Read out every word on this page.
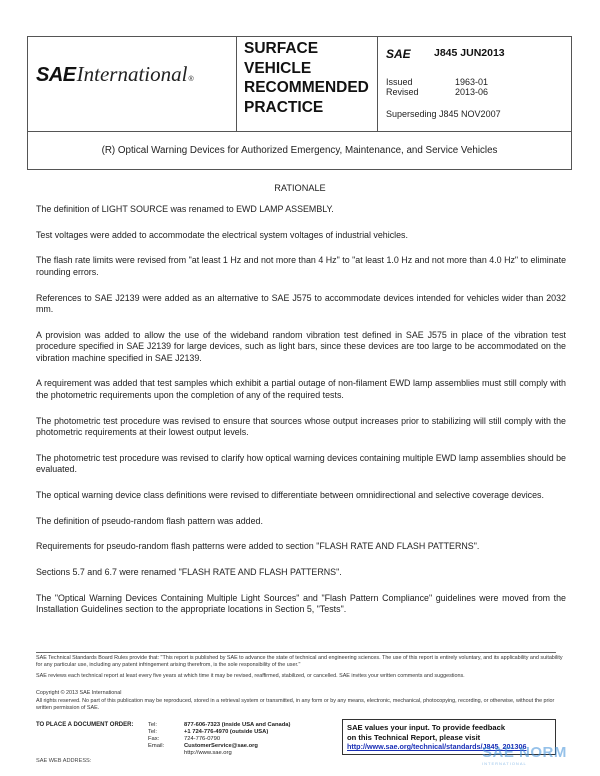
SAE International ®
SURFACE
VEHICLE
RECOMMENDED
PRACTICE
SAE J845 JUN2013
Issued	1963-01
Revised	2013-06
Superseding J845 NOV2007
(R) Optical Warning Devices for Authorized Emergency, Maintenance, and Service Vehicles
RATIONALE

The definition of LIGHT SOURCE was renamed to EWD LAMP ASSEMBLY.

Test voltages were added to accommodate the electrical system voltages of industrial vehicles.

The flash rate limits were revised from "at least 1 Hz and not more than 4 Hz" to "at least 1.0 Hz and not more than 4.0 Hz" to eliminate rounding errors.

References to SAE J2139 were added as an alternative to SAE J575 to accommodate devices intended for vehicles wider than 2032 mm.

A provision was added to allow the use of the wideband random vibration test defined in SAE J575 in place of the vibration test procedure specified in SAE J2139 for large devices, such as light bars, since these devices are too large to be accommodated on the vibration machine specified in SAE J2139.

A requirement was added that test samples which exhibit a partial outage of non-filament EWD lamp assemblies must still comply with the photometric requirements upon the completion of any of the required tests.

The photometric test procedure was revised to ensure that sources whose output increases prior to stabilizing will still comply with the photometric requirements at their lowest output levels.

The photometric test procedure was revised to clarify how optical warning devices containing multiple EWD lamp assemblies should be evaluated.

The optical warning device class definitions were revised to differentiate between omnidirectional and selective coverage devices.

The definition of pseudo-random flash pattern was added.

Requirements for pseudo-random flash patterns were added to section "FLASH RATE AND FLASH PATTERNS".

Sections 5.7 and 6.7 were renamed "FLASH RATE AND FLASH PATTERNS".

The "Optical Warning Devices Containing Multiple Light Sources" and "Flash Pattern Compliance" guidelines were moved from the Installation Guidelines section to the appropriate locations in Section 5, "Tests".

SAE Technical Standards Board Rules provide that: "This report is published by SAE to advance the state of technical and engineering sciences. The use of this report is entirely voluntary, and its applicability and suitability for any particular use, including any patent infringement arising therefrom, is the sole responsibility of the user."
SAE reviews each technical report at least every five years at which time it may be revised, reaffirmed, stabilized, or cancelled. SAE invites your written comments and suggestions.
Copyright © 2013 SAE International
All rights reserved. No part of this publication may be reproduced, stored in a retrieval system or transmitted, in any form or by any means, electronic, mechanical, photocopying, recording, or otherwise, without the prior written permission of SAE.
TO PLACE A DOCUMENT ORDER:	Tel:	877-606-7323 (inside USA and Canada)
Tel:	+1 724-776-4970 (outside USA)
Fax:	724-776-0790
Email:	CustomerService@sae.org
http://www.sae.org
SAE WEB ADDRESS:
SAE values your input. To provide feedback
on this Technical Report, please visit
http://www.sae.org/technical/standards/J845_201306
SAE NORM
INTERNATIONAL
